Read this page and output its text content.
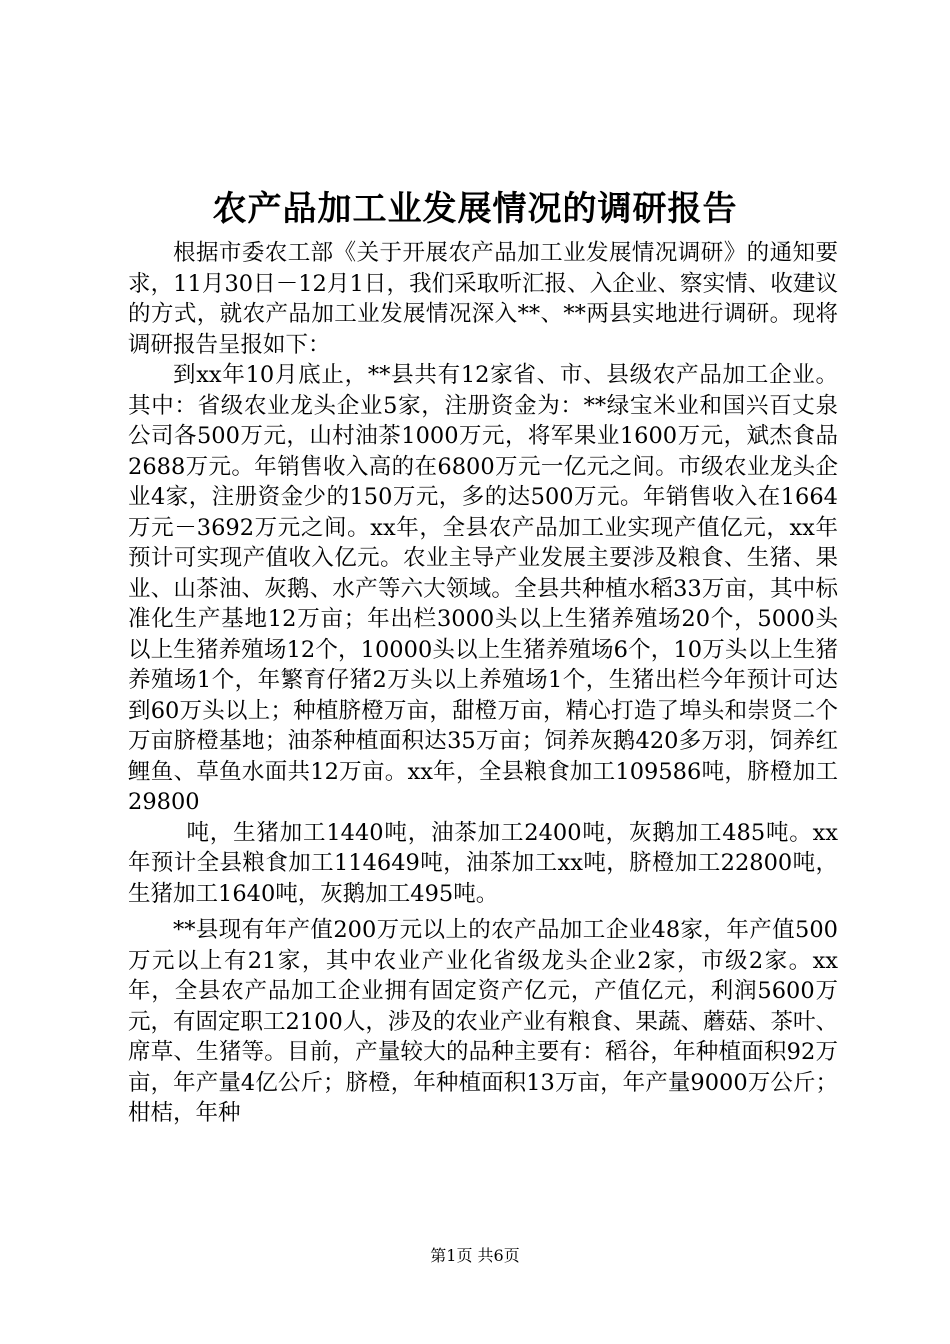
农产品加工业发展情况的调研报告

根据市委农工部《关于开展农产品加工业发展情况调研》的通知要求，11月30日－12月1日，我们采取听汇报、入企业、察实情、收建议的方式，就农产品加工业发展情况深入**、**两县实地进行调研。现将调研报告呈报如下：

到xx年10月底止，**县共有12家省、市、县级农产品加工企业。其中：省级农业龙头企业5家，注册资金为：**绿宝米业和国兴百丈泉公司各500万元，山村油茶1000万元，将军果业1600万元，斌杰食品2688万元。年销售收入高的在6800万元一亿元之间。市级农业龙头企业4家，注册资金少的150万元，多的达500万元。年销售收入在1664万元－3692万元之间。xx年，全县农产品加工业实现产值亿元，xx年预计可实现产值收入亿元。农业主导产业发展主要涉及粮食、生猪、果业、山茶油、灰鹅、水产等六大领域。全县共种植水稻33万亩，其中标准化生产基地12万亩；年出栏3000头以上生猪养殖场20个，5000头以上生猪养殖场12个，10000头以上生猪养殖场6个，10万头以上生猪养殖场1个，年繁育仔猪2万头以上养殖场1个，生猪出栏今年预计可达到60万头以上；种植脐橙万亩，甜橙万亩，精心打造了埠头和崇贤二个万亩脐橙基地；油茶种植面积达35万亩；饲养灰鹅420多万羽，饲养红鲤鱼、草鱼水面共12万亩。xx年，全县粮食加工109586吨，脐橙加工29800

吨，生猪加工1440吨，油茶加工2400吨，灰鹅加工485吨。xx年预计全县粮食加工114649吨，油茶加工xx吨，脐橙加工22800吨，生猪加工1640吨，灰鹅加工495吨。

**县现有年产值200万元以上的农产品加工企业48家，年产值500万元以上有21家，其中农业产业化省级龙头企业2家，市级2家。xx年，全县农产品加工企业拥有固定资产亿元，产值亿元，利润5600万元，有固定职工2100人，涉及的农业产业有粮食、果蔬、蘑菇、茶叶、席草、生猪等。目前，产量较大的品种主要有：稻谷，年种植面积92万亩，年产量4亿公斤；脐橙，年种植面积13万亩，年产量9000万公斤；柑桔，年种

第1页 共6页
